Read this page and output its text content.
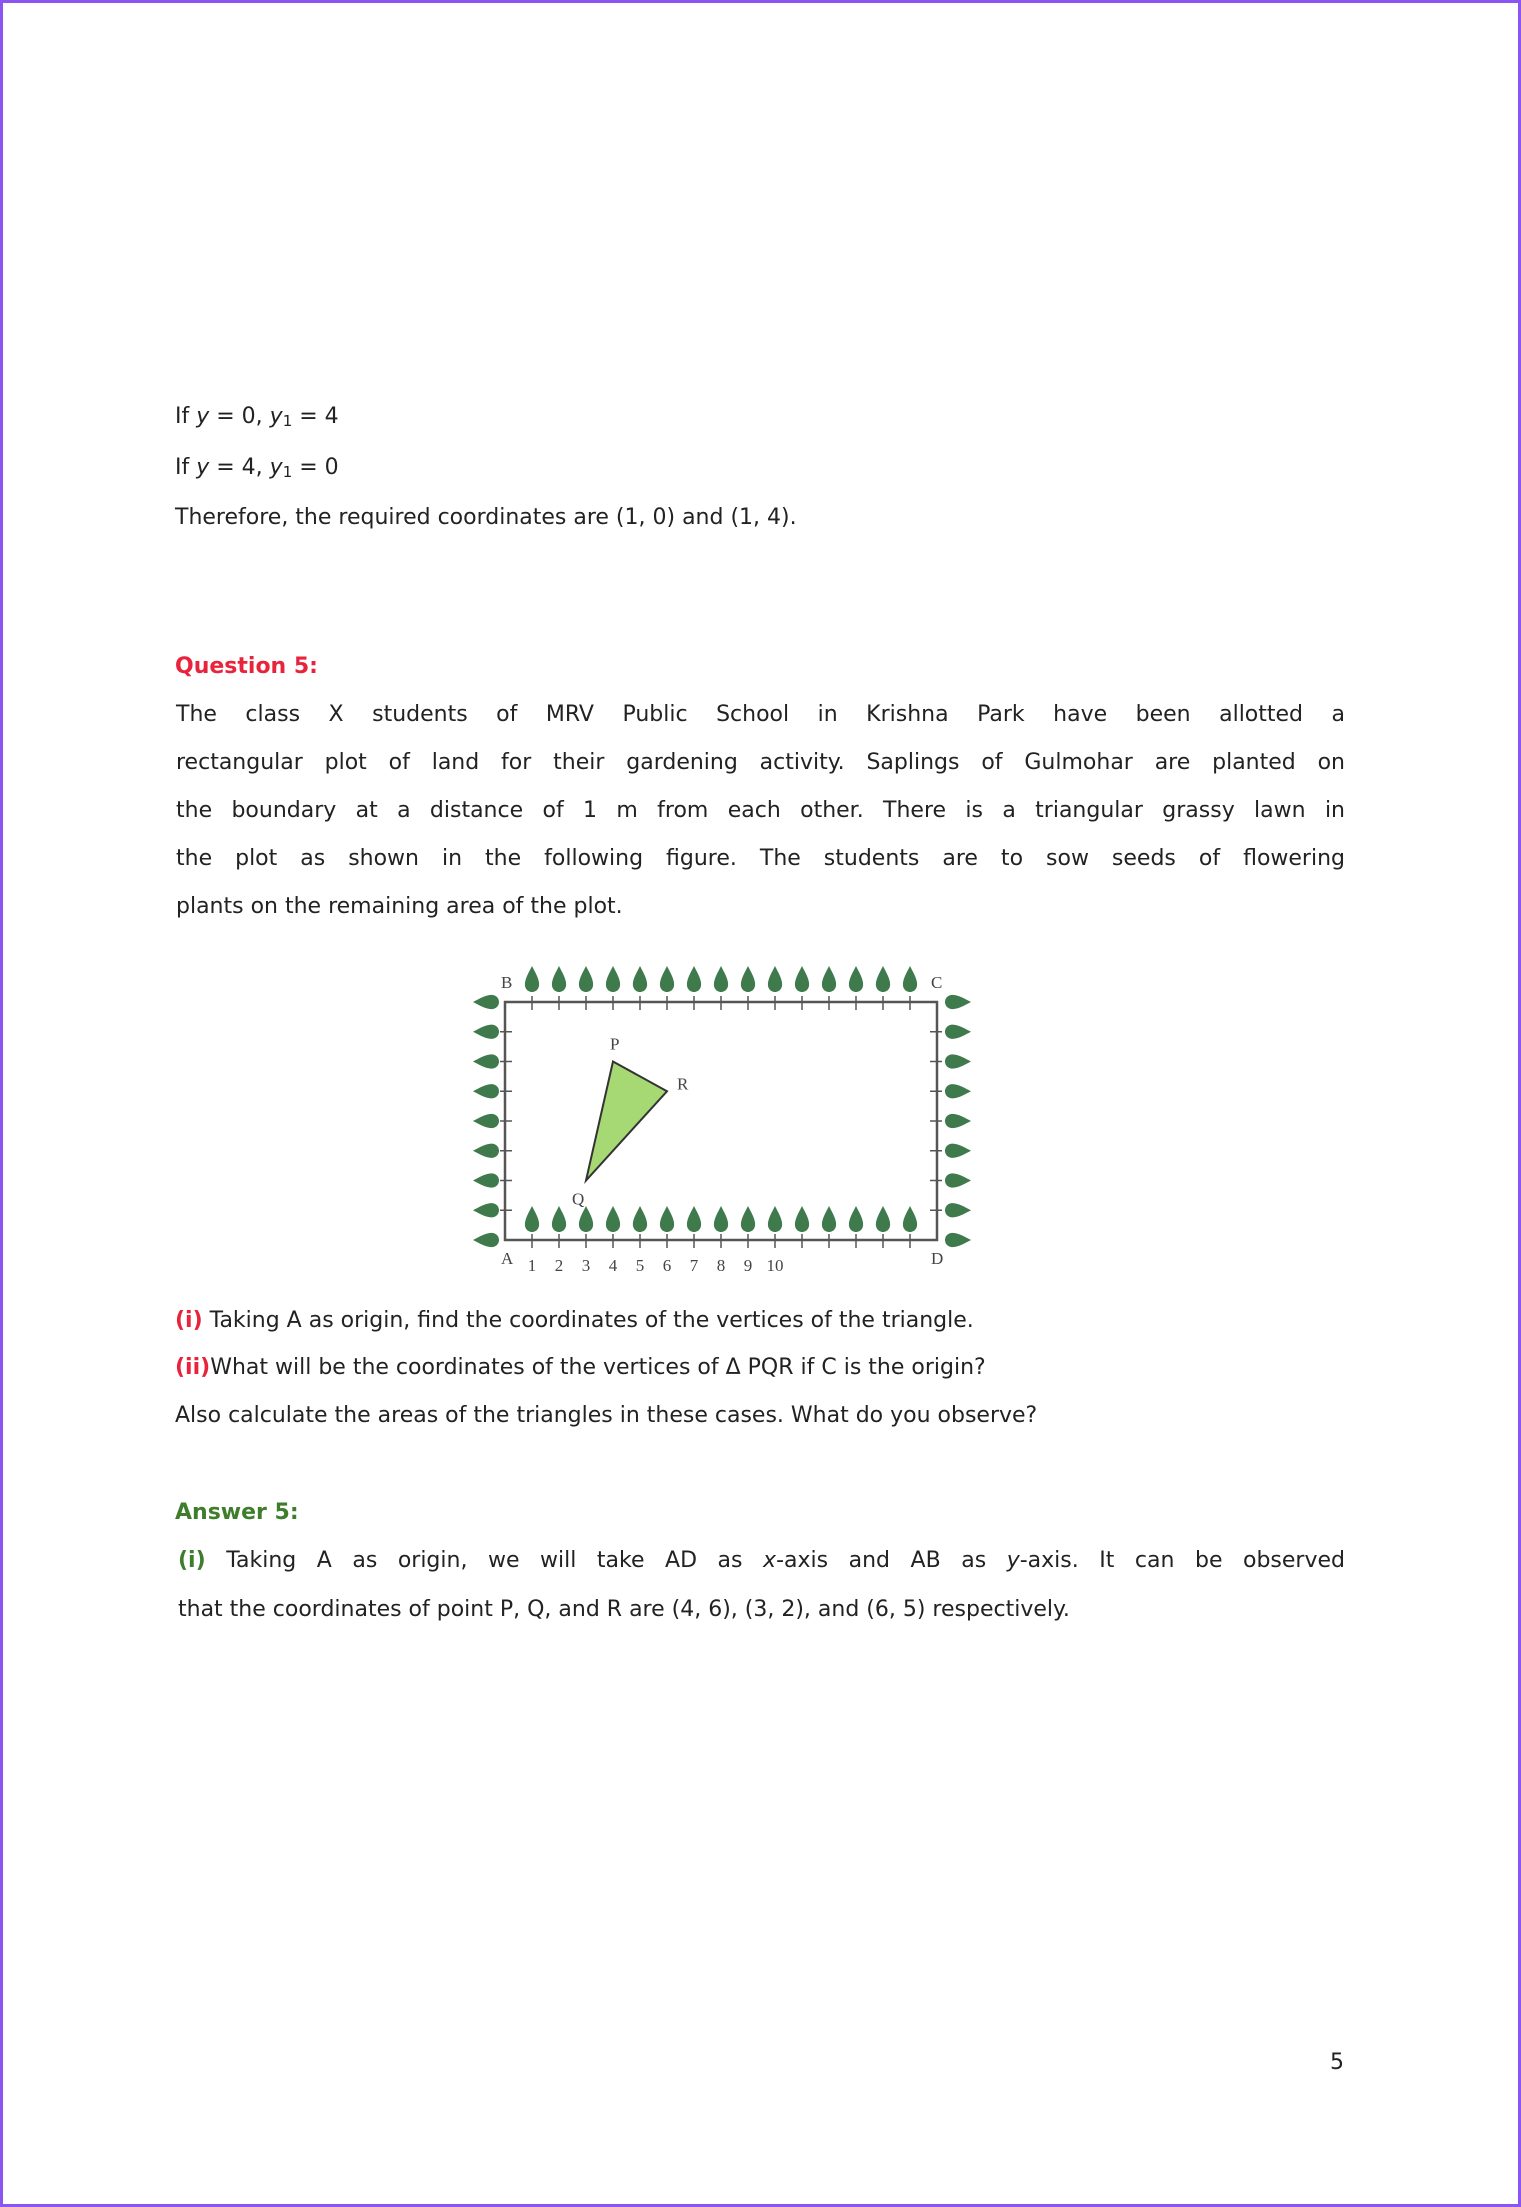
If y = 0, $y_1 = 4$
If y = 4, $y_1 = 0$
Therefore, the required coordinates are (1, 0) and (1, 4).
Question 5:
The class X students of MRV Public School in Krishna Park have been allotted a
rectangular plot of land for their gardening activity. Saplings of Gulmohar are planted on
the boundary at a distance of 1 m from each other. There is a triangular grassy lawn in
the plot as shown in the following figure. The students are to sow seeds of flowering
plants on the remaining area of the plot.
P
Q
R
B	C
A	D
1 2 3 4 5 6 7 8 9 10
(i) Taking A as origin, find the coordinates of the vertices of the triangle.
(ii)What will be the coordinates of the vertices of Δ PQR if C is the origin?
Also calculate the areas of the triangles in these cases. What do you observe?
Answer 5:
(i) Taking A as origin, we will take AD as x-axis and AB as y-axis. It can be observed
that the coordinates of point P, Q, and R are (4, 6), (3, 2), and (6, 5) respectively.
5
